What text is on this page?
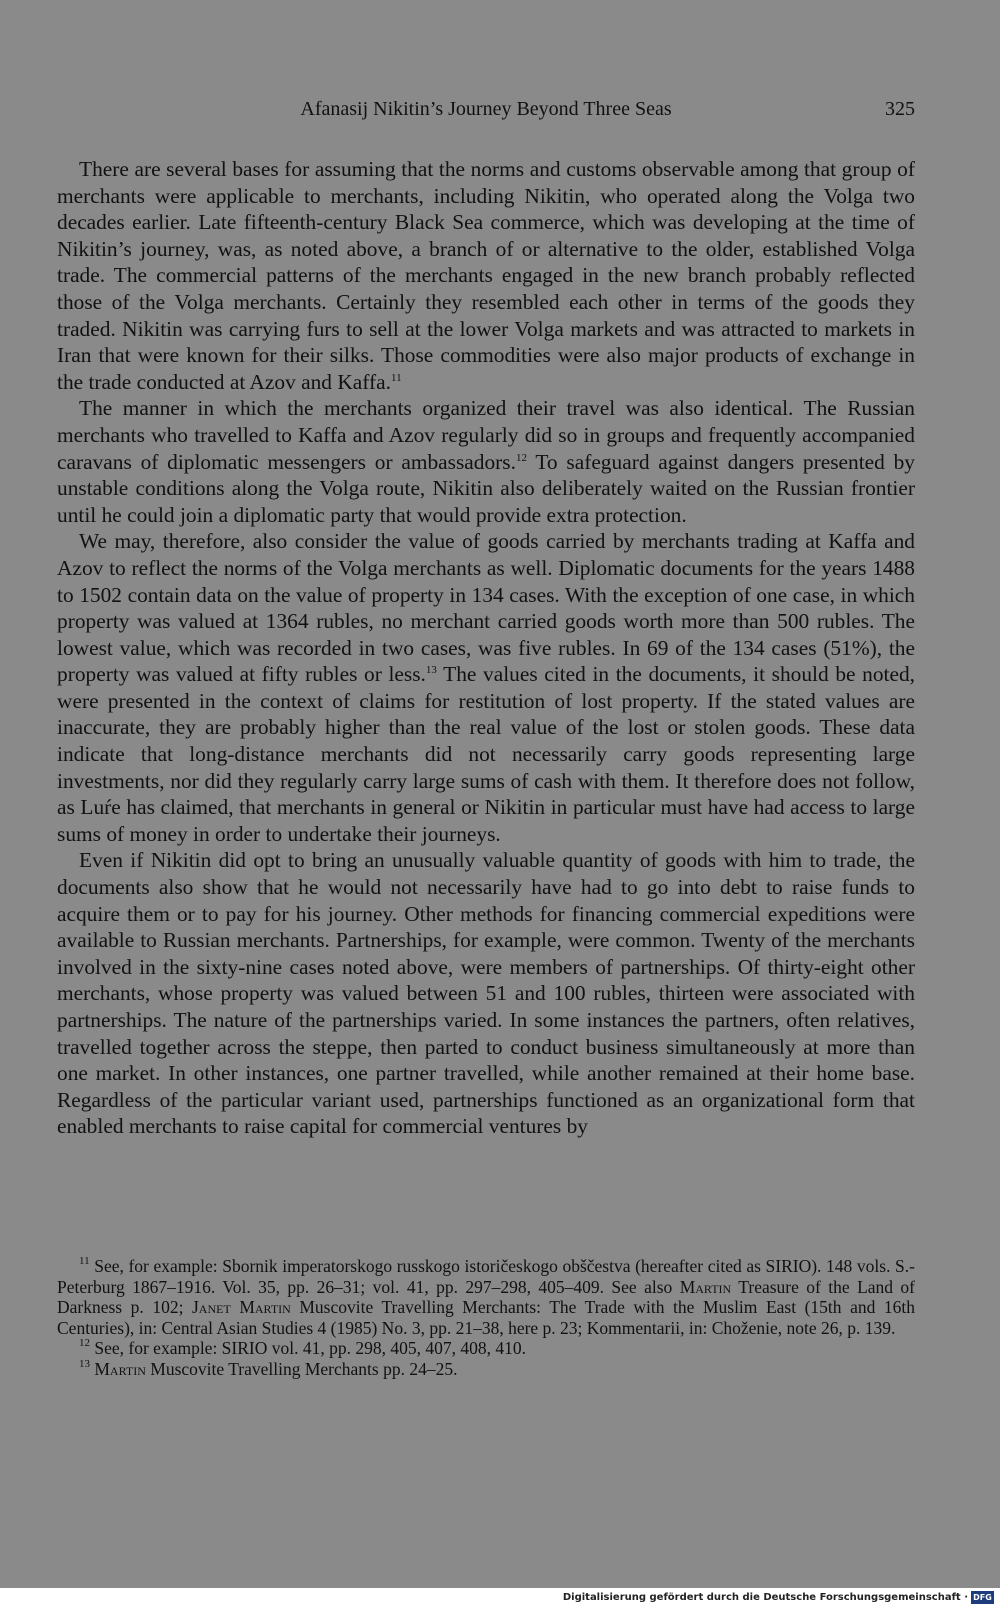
Afanasij Nikitin’s Journey Beyond Three Seas	325

There are several bases for assuming that the norms and customs observable among that group of merchants were applicable to merchants, including Nikitin, who operated along the Volga two decades earlier. Late fifteenth-century Black Sea commerce, which was developing at the time of Nikitin’s journey, was, as noted above, a branch of or alternative to the older, established Volga trade. The commercial patterns of the merchants engaged in the new branch probably reflected those of the Volga merchants. Certainly they resembled each other in terms of the goods they traded. Nikitin was carrying furs to sell at the lower Volga markets and was attracted to markets in Iran that were known for their silks. Those commodities were also major products of exchange in the trade conducted at Azov and Kaffa.$^{11}$

The manner in which the merchants organized their travel was also identical. The Russian merchants who travelled to Kaffa and Azov regularly did so in groups and frequently accompanied caravans of diplomatic messengers or ambassadors.$^{12}$ To safeguard against dangers presented by unstable conditions along the Volga route, Nikitin also deliberately waited on the Russian frontier until he could join a diplomatic party that would provide extra protection.

We may, therefore, also consider the value of goods carried by merchants trading at Kaffa and Azov to reflect the norms of the Volga merchants as well. Diplomatic documents for the years 1488 to 1502 contain data on the value of property in 134 cases. With the exception of one case, in which property was valued at 1364 rubles, no merchant carried goods worth more than 500 rubles. The lowest value, which was recorded in two cases, was five rubles. In 69 of the 134 cases (51%), the property was valued at fifty rubles or less.$^{13}$ The values cited in the documents, it should be noted, were presented in the context of claims for restitution of lost property. If the stated values are inaccurate, they are probably higher than the real value of the lost or stolen goods. These data indicate that long-distance merchants did not necessarily carry goods representing large investments, nor did they regularly carry large sums of cash with them. It therefore does not follow, as Luŕe has claimed, that merchants in general or Nikitin in particular must have had access to large sums of money in order to undertake their journeys.

Even if Nikitin did opt to bring an unusually valuable quantity of goods with him to trade, the documents also show that he would not necessarily have had to go into debt to raise funds to acquire them or to pay for his journey. Other methods for financing commercial expeditions were available to Russian merchants. Partnerships, for example, were common. Twenty of the merchants involved in the sixty-nine cases noted above, were members of partnerships. Of thirty-eight other merchants, whose property was valued between 51 and 100 rubles, thirteen were associated with partnerships. The nature of the partnerships varied. In some instances the partners, often relatives, travelled together across the steppe, then parted to conduct business simultaneously at more than one market. In other instances, one partner travelled, while another remained at their home base. Regardless of the particular variant used, partnerships functioned as an organizational form that enabled merchants to raise capital for commercial ventures by

$^{11}$ See, for example: Sbornik imperatorskogo russkogo istoričeskogo obščestva (hereafter cited as SIRIO). 148 vols. S.-Peterburg 1867–1916. Vol. 35, pp. 26–31; vol. 41, pp. 297–298, 405–409. See also Martin Treasure of the Land of Darkness p. 102; Janet Martin Muscovite Travelling Merchants: The Trade with the Muslim East (15th and 16th Centuries), in: Central Asian Studies 4 (1985) No. 3, pp. 21–38, here p. 23; Kommentarii, in: Choženie, note 26, p. 139.

$^{12}$ See, for example: SIRIO vol. 41, pp. 298, 405, 407, 408, 410.

$^{13}$ Martin Muscovite Travelling Merchants pp. 24–25.

Digitalisierung gefördert durch die Deutsche Forschungsgemeinschaft · DFG
